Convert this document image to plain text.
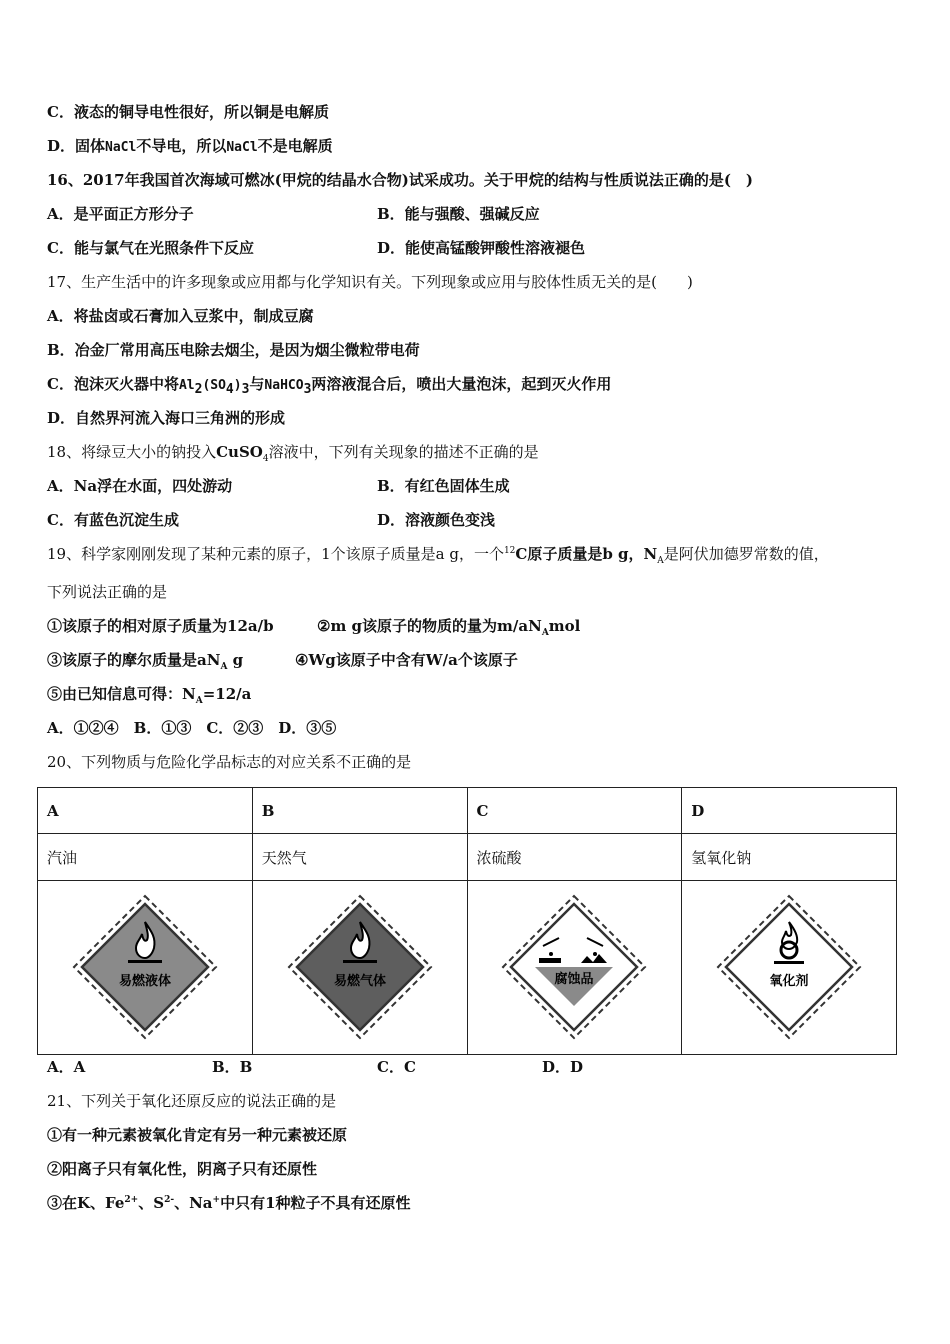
C．液态的铜导电性很好，所以铜是电解质
D．固体NaCl不导电，所以NaCl不是电解质
16、2017年我国首次海域可燃冰(甲烷的结晶水合物)试采成功。关于甲烷的结构与性质说法正确的是(　)
A．是平面正方形分子	B．能与强酸、强碱反应
C．能与氯气在光照条件下反应	D．能使高锰酸钾酸性溶液褪色
17、生产生活中的许多现象或应用都与化学知识有关。下列现象或应用与胶体性质无关的是(　　)
A．将盐卤或石膏加入豆浆中，制成豆腐
B．冶金厂常用高压电除去烟尘，是因为烟尘微粒带电荷
C．泡沫灭火器中将$Al_2(SO_4)_3$与NaHCO$_3$两溶液混合后，喷出大量泡沫，起到灭火作用
D．自然界河流入海口三角洲的形成
18、将绿豆大小的钠投入CuSO$_4$溶液中，下列有关现象的描述不正确的是
A．Na浮在水面，四处游动	B．有红色固体生成
C．有蓝色沉淀生成	D．溶液颜色变浅
19、科学家刚刚发现了某种元素的原子，1个该原子质量是a g，一个$^{12}$C原子质量是b g，$N_A$是阿伏加德罗常数的值，
下列说法正确的是
①该原子的相对原子质量为12a/b	②m g该原子的物质的量为$m/aN_Amol$
③该原子的摩尔质量是$aN_A$ g	④Wg该原子中含有W/a个该原子
⑤由已知信息可得：$N_A=12/a$
A．①②④　B．①③　C．②③　D．③⑤
20、下列物质与危险化学品标志的对应关系不正确的是
A	B	C	D
汽油	天然气	浓硫酸	氢氧化钠

易燃液体	易燃气体	腐蚀品	氧化剂
A．A	B．B	C．C	D．D
21、下列关于氧化还原反应的说法正确的是
①有一种元素被氧化肯定有另一种元素被还原
②阳离子只有氧化性，阴离子只有还原性
③在K、$Fe^{2+}$、$S^{2-}$、Na+中只有1种粒子不具有还原性
